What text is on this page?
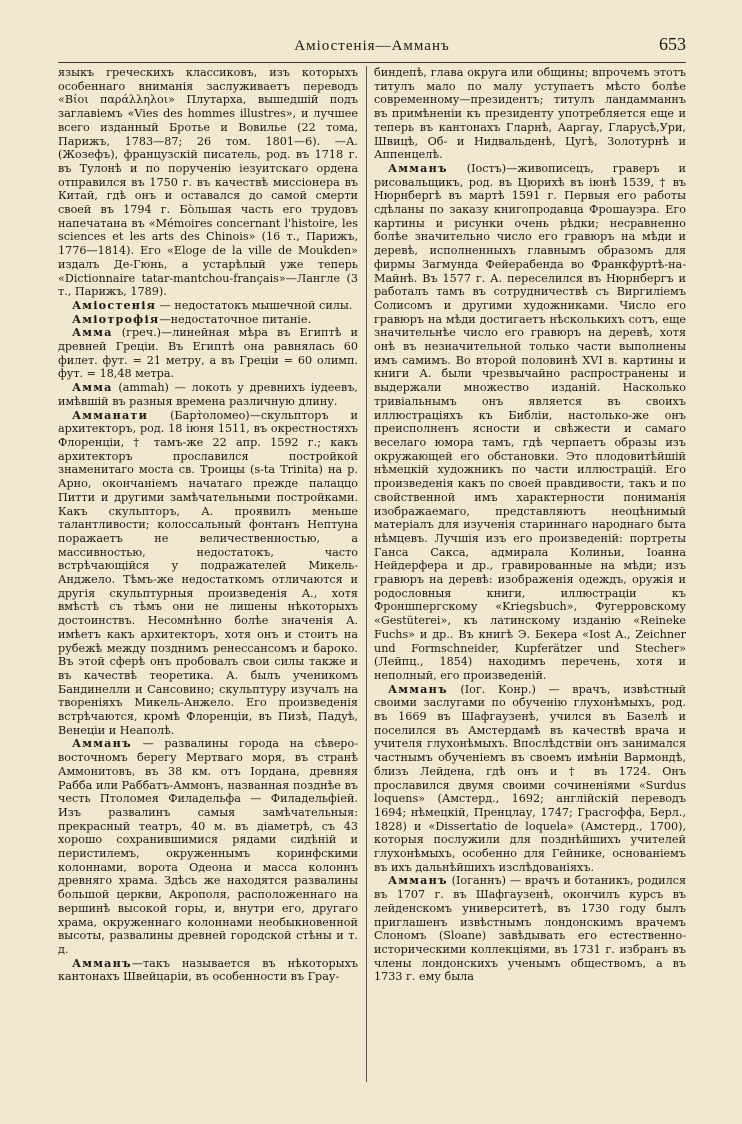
Аміостенія—Амманъ	653

языкъ греческихъ классиковъ, изъ которыхъ особеннаго вниманія заслуживаетъ переводъ «Βίοι παράλληλοι» Плутарха, вышедшій подъ заглавіемъ «Vies des hommes illustres», и лучшее всего изданный Бротье и Вовилье (22 тома, Парижъ, 1783—87; 26 том. 1801—6). —А. (Жозефъ), французскій писатель, род. въ 1718 г. въ Тулонѣ и по порученію іезуитскаго ордена отправился въ 1750 г. въ качествѣ миссіонера въ Китай, гдѣ онъ и оставался до самой смерти своей въ 1794 г. Бо̀льшая часть его трудовъ напечатана въ «Mémoires concernant l'histoire, les sciences et les arts des Chinois» (16 т., Парижъ, 1776—1814). Его «Eloge de la ville de Moukden» издалъ Де-Гюнь, а устарѣлый уже теперь «Dictionnaire tatar-mantchou-français»—Лангле (3 т., Парижъ, 1789).

Аміостенія — недостатокъ мышечной силы.

Аміотрофія—недостаточное питаніе.

Амма (греч.)—линейная мѣра въ Египтѣ и древней Греціи. Въ Египтѣ она равнялась 60 филет. фут. = 21 метру, а въ Греціи = 60 олимп. фут. = 18,48 метра.

Амма (ammah) — локоть у древнихъ іудеевъ, имѣвшій въ разныя времена различную длину.

Амманати (Барт̀оломео)—скульпторъ и архитекторъ, род. 18 іюня 1511, въ окрестностяхъ Флоренціи, † тамъ-же 22 апр. 1592 г.; какъ архитекторъ прославился постройкой знаменитаго моста св. Троицы (s-ta Trinita) на р. Арно, окончаніемъ начатаго прежде палаццо Питти и другими замѣчательными постройками. Какъ скульпторъ, А. проявилъ меньше талантливости; колоссальный фонтанъ Нептуна поражаетъ не величественностью, а массивностью, недостатокъ, часто встрѣчающійся у подражателей Микель-Анджело. Тѣмъ-же недостаткомъ отличаются и другія скульптурныя произведенія А., хотя вмѣстѣ съ тѣмъ они не лишены нѣкоторыхъ достоинствъ. Несомнѣнно болѣе значенія А. имѣетъ какъ архитекторъ, хотя онъ и стоитъ на рубежѣ между позднимъ ренессансомъ и бароко. Въ этой сферѣ онъ пробовалъ свои силы также и въ качествѣ теоретика. А. былъ ученикомъ Бандинелли и Сансовино; скульптуру изучалъ на твореніяхъ Микель-Анжело. Его произведенія встрѣчаются, кромѣ Флоренціи, въ Пизѣ, Падуѣ, Венеціи и Неаполѣ.

Амманъ — развалины города на сѣверо-восточномъ берегу Мертваго моря, въ странѣ Аммонитовъ, въ 38 км. отъ Іордана, древняя Рабба или Раббатъ-Аммонъ, названная позднѣе въ честь Птоломея Филадельфа — Филадельфіей. Изъ развалинъ самыя замѣчательныя: прекрасный театръ, 40 м. въ діаметрѣ, съ 43 хорошо сохранившимися рядами сидѣній и перистилемъ, окруженнымъ коринфскими колоннами, ворота Одеона и масса колоннъ древняго храма. Здѣсь же находятся развалины большой церкви, Акрополя, расположеннаго на вершинѣ высокой горы, и, внутри его, другаго храма, окруженнаго колоннами необыкновенной высоты, развалины древней городской стѣны и т. д.

Амманъ—такъ называется въ нѣкоторыхъ кантонахъ Швейцаріи, въ особенности въ Грау-

биндепѣ, глава округа или общины; впрочемъ этотъ титулъ мало по малу уступаетъ мѣсто болѣе современному—президентъ; титулъ ландамманнъ въ примѣненіи къ президенту употребляется еще и теперь въ кантонахъ Гларнѣ, Ааргау, Гларусѣ,Ури, Швицѣ, Об- и Нидвальденѣ, Цугѣ, Золотурнѣ и Аппенцелѣ.

Амманъ (Іостъ)—живописецъ, граверъ и рисовальщикъ, род. въ Цюрихѣ въ іюнѣ 1539, † въ Нюрнбергѣ въ мартѣ 1591 г. Первыя его работы сдѣланы по заказу книгопродавца Фрошауэра. Его картины и рисунки очень рѣдки; несравненно болѣе значительно число его гравюръ на мѣди и деревѣ, исполненныхъ главнымъ образомъ для фирмы Загмунда Фейерабенда во Франкфуртѣ-на-Майнѣ. Въ 1577 г. А. переселился въ Нюрнбергъ и работалъ тамъ въ сотрудничествѣ съ Виргиліемъ Солисомъ и другими художниками. Число его гравюръ на мѣди достигаетъ нѣсколькихъ сотъ, еще значительнѣе число его гравюръ на деревѣ, хотя онѣ въ незначительной только части выполнены имъ самимъ. Во второй половинѣ XVI в. картины и книги А. были чрезвычайно распространены и выдержали множество изданій. Насколько тривіальнымъ онъ является въ своихъ иллюстраціяхъ къ Библіи, настолько-же онъ преисполненъ ясности и свѣжести и самаго веселаго юмора тамъ, гдѣ черпаетъ образы изъ окружающей его обстановки. Это плодовитѣйшій нѣмецкій художникъ по части иллюстрацій. Его произведенія какъ по своей правдивости, такъ и по свойственной имъ характерности пониманія изображаемаго, представляютъ неоцѣнимый матеріалъ для изученія стариннаго народнаго быта нѣмцевъ. Лучшія изъ его произведеній: портреты Ганса Сакса, адмирала Колиньи, Іоанна Нейдерфера и др., гравированные на мѣди; изъ гравюръ на деревѣ: изображенія одеждъ, оружія и родословныя книги, иллюстраціи къ Фроншпергскому «Kriegsbuch», Фугерровскому «Gestüterei», къ латинскому изданію «Reineke Fuchs» и др.. Въ книгѣ Э. Бекера «Iost A., Zeichner und Formschneider, Kupferätzer und Stecher» (Лейпц., 1854) находимъ перечень, хотя и неполный, его произведеній.

Амманъ (Іог. Конр.) — врачъ, извѣстный своими заслугами по обученію глухонѣмыхъ, род. въ 1669 въ Шафгаузенѣ, учился въ Базелѣ и поселился въ Амстердамѣ въ качествѣ врача и учителя глухонѣмыхъ. Впослѣдствіи онъ занимался частнымъ обученіемъ въ своемъ имѣніи Вармондѣ, близъ Лейдена, гдѣ онъ и † въ 1724. Онъ прославился двумя своими сочиненіями «Surdus loquens» (Амстерд., 1692; англійскій переводъ 1694; нѣмецкій, Пренцлау, 1747; Грасгоффа, Берл., 1828) и «Dissertatio de loquela» (Амстерд., 1700), которыя послужили для позднѣйшихъ учителей глухонѣмыхъ, особенно для Гейнике, основаніемъ въ ихъ дальнѣйшихъ изслѣдованіяхъ.

Амманъ (Іоганнъ) — врачъ и ботаникъ, родился въ 1707 г. въ Шафгаузенѣ, окончилъ курсъ въ лейденскомъ университетѣ, въ 1730 году былъ приглашенъ извѣстнымъ лондонскимъ врачемъ Слономъ (Sloane) завѣдывать его естественно-историческими коллекціями, въ 1731 г. избранъ въ члены лондонскихъ ученымъ обществомъ, а въ 1733 г. ему была
